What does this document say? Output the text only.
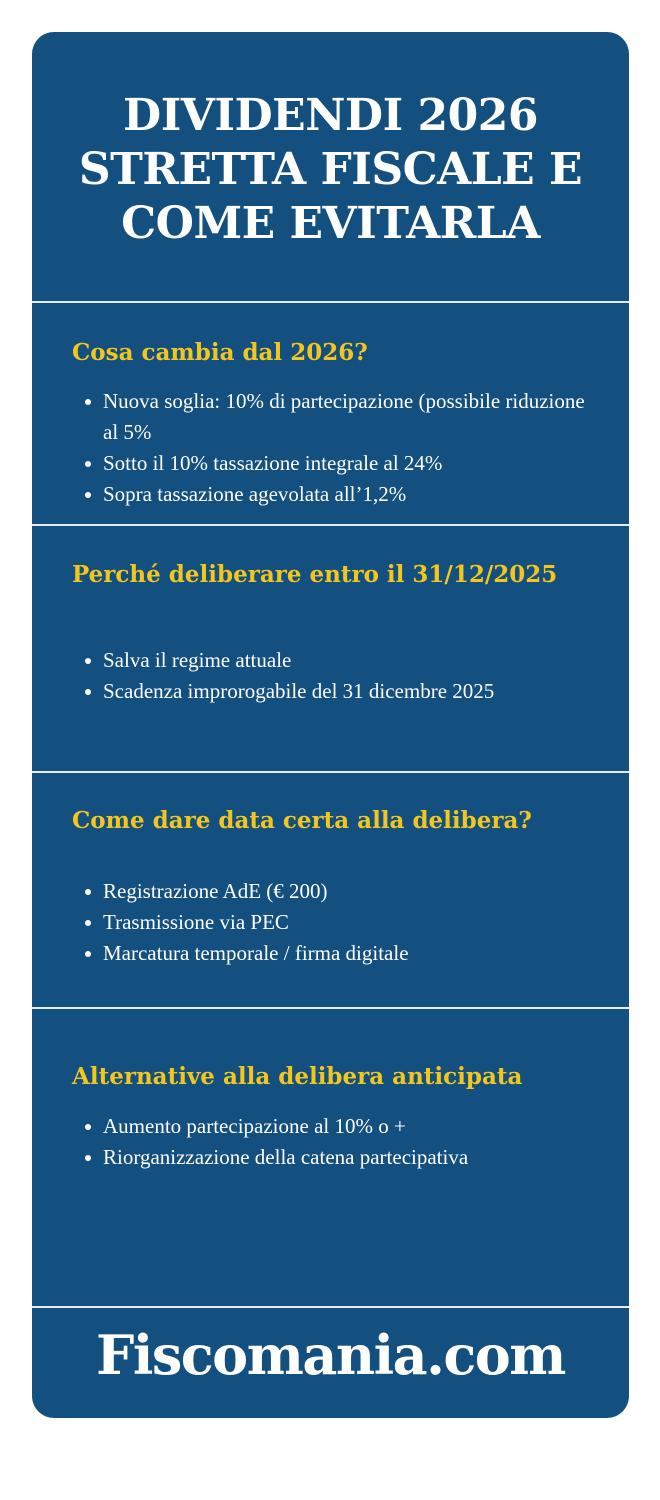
DIVIDENDI 2026
STRETTA FISCALE E
COME EVITARLA
Cosa cambia dal 2026?
Nuova soglia: 10% di partecipazione (possibile riduzione al 5%
Sotto il 10% tassazione integrale al 24%
Sopra tassazione agevolata all’1,2%
Perché deliberare entro il 31/12/2025
Salva il regime attuale
Scadenza improrogabile del 31 dicembre 2025
Come dare data certa alla delibera?
Registrazione AdE (€ 200)
Trasmissione via PEC
Marcatura temporale / firma digitale
Alternative alla delibera anticipata
Aumento partecipazione al 10% o +
Riorganizzazione della catena partecipativa
Fiscomania.com
